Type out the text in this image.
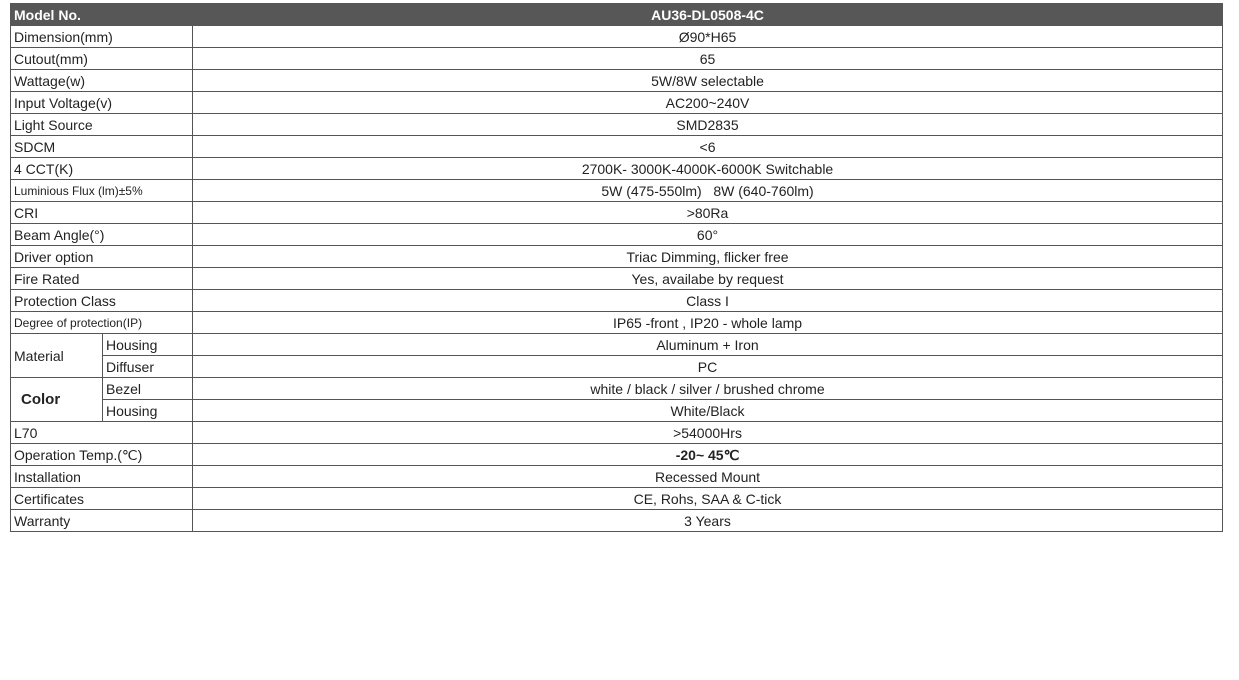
Model No.		AU36-DL0508-4C
Dimension(mm)		Ø90*H65
Cutout(mm)		65
Wattage(w)		5W/8W selectable
Input Voltage(v)		AC200~240V
Light Source		SMD2835
SDCM		<6
4 CCT(K)		2700K- 3000K-4000K-6000K Switchable
Luminious Flux (lm)±5%		5W (475-550lm)   8W (640-760lm)
CRI		>80Ra
Beam Angle(°)		60°
Driver option		Triac Dimming, flicker free
Fire Rated		Yes, availabe by request
Protection Class		Class I
Degree of protection(IP)		IP65 -front , IP20 - whole lamp
Material	Housing	Aluminum + Iron
	Diffuser	PC
Color	Bezel	white / black / silver / brushed chrome
	Housing	White/Black
L70		>54000Hrs
Operation Temp.(℃)		-20~ 45℃
Installation		Recessed Mount
Certificates		CE, Rohs, SAA & C-tick
Warranty		3 Years
